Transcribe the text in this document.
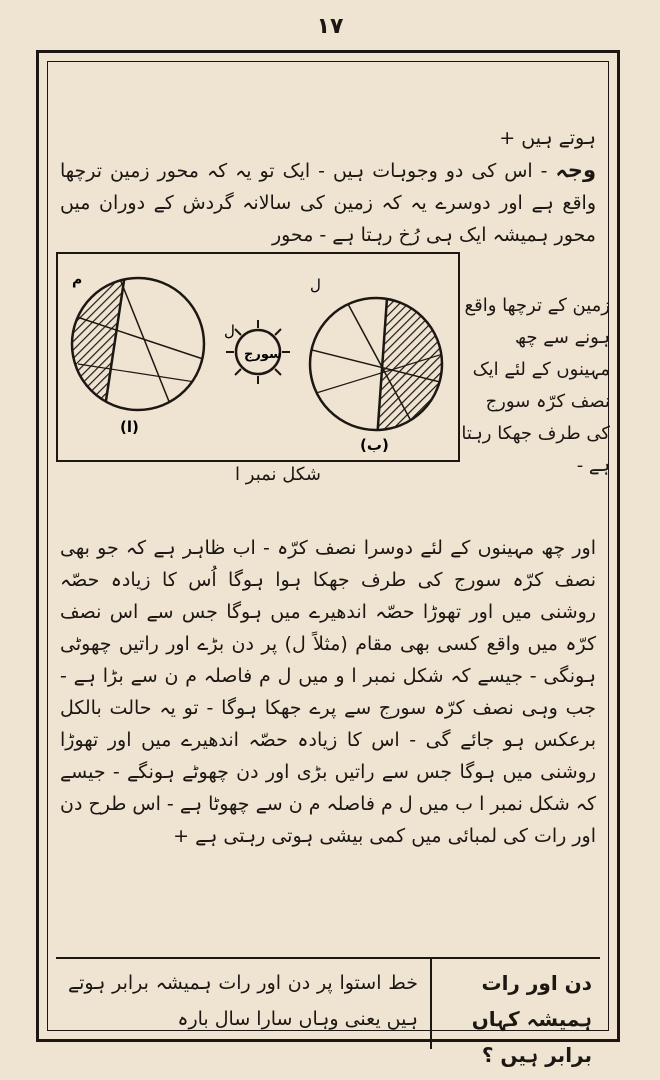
١٧
ہوتے ہیں +
وجہ - اس کی دو وجوہات ہیں - ایک تو یہ کہ محور زمین ترچھا واقع ہے اور دوسرے یہ کہ زمین کی سالانہ گردش کے دوران میں محور ہمیشہ ایک ہی رُخ رہتا ہے - محور
ل
ل
م
سورج
(ا)
(ب)
زمین کے ترچھا واقع ہونے سے چھ مہینوں کے لئے ایک نصف کرّہ سورج کی طرف جھکا رہتا ہے -
شکل نمبر ا
اور چھ مہینوں کے لئے دوسرا نصف کرّہ - اب ظاہر ہے کہ جو بھی نصف کرّہ سورج کی طرف جھکا ہوا ہوگا اُس کا زیادہ حصّہ روشنی میں اور تھوڑا حصّہ اندھیرے میں ہوگا جس سے اس نصف کرّہ میں واقع کسی بھی مقام (مثلاً ل) پر دن بڑے اور راتیں چھوٹی ہونگی - جیسے کہ شکل نمبر ا و میں ل م فاصلہ م ن سے بڑا ہے - جب وہی نصف کرّہ سورج سے پرے جھکا ہوگا - تو یہ حالت بالکل برعکس ہو جائے گی - اس کا زیادہ حصّہ اندھیرے میں اور تھوڑا روشنی میں ہوگا جس سے راتیں بڑی اور دن چھوٹے ہونگے - جیسے کہ شکل نمبر ا ب میں ل م فاصلہ م ن سے چھوٹا ہے - اس طرح دن اور رات کی لمبائی میں کمی بیشی ہوتی رہتی ہے +
دن اور رات ہمیشہ کہاں برابر ہیں ؟
خط استوا پر دن اور رات ہمیشہ برابر ہوتے ہیں یعنی وہاں سارا سال بارہ
